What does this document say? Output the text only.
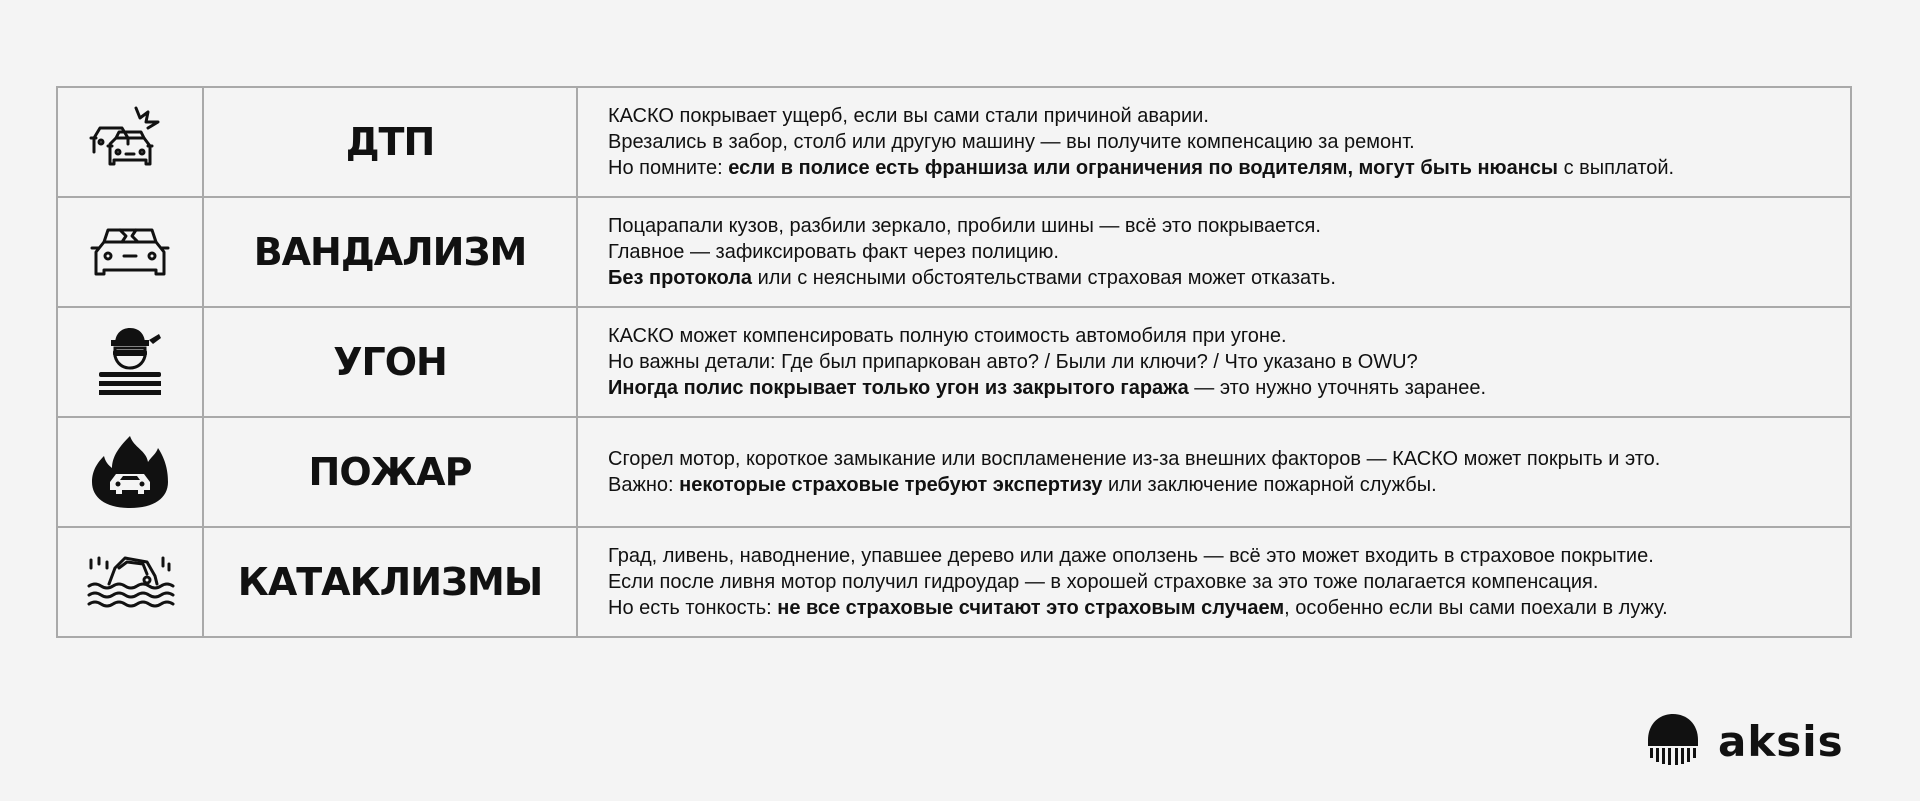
ДТП
КАСКО покрывает ущерб, если вы сами стали причиной аварии.
Врезались в забор, столб или другую машину — вы получите компенсацию за ремонт.
Но помните: если в полисе есть франшиза или ограничения по водителям, могут быть нюансы с выплатой.
ВАНДАЛИЗМ
Поцарапали кузов, разбили зеркало, пробили шины — всё это покрывается.
Главное — зафиксировать факт через полицию.
Без протокола или с неясными обстоятельствами страховая может отказать.
УГОН
КАСКО может компенсировать полную стоимость автомобиля при угоне.
Но важны детали: Где был припаркован авто? / Были ли ключи? / Что указано в OWU?
Иногда полис покрывает только угон из закрытого гаража — это нужно уточнять заранее.
ПОЖАР	Сгорел мотор, короткое замыкание или воспламенение из-за внешних факторов — КАСКО может покрыть и это.
Важно: некоторые страховые требуют экспертизу или заключение пожарной службы.
КАТАКЛИЗМЫ
Град, ливень, наводнение, упавшее дерево или даже оползень — всё это может входить в страховое покрытие.
Если после ливня мотор получил гидроудар — в хорошей страховке за это тоже полагается компенсация.
Но есть тонкость: не все страховые считают это страховым случаем, особенно если вы сами поехали в лужу.
aksis
